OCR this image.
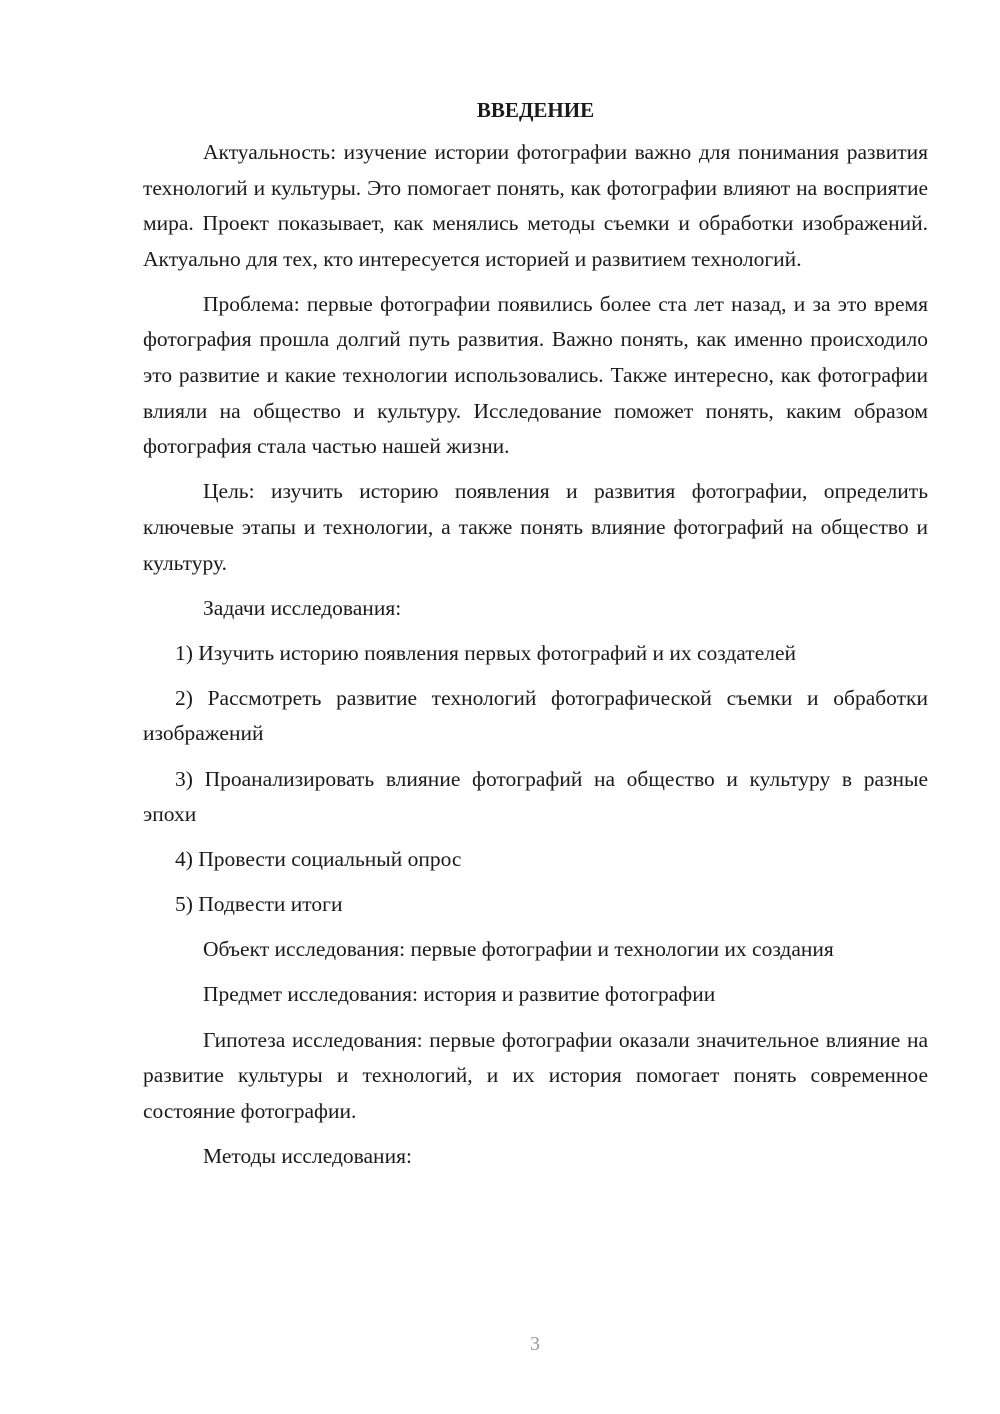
ВВЕДЕНИЕ

Актуальность: изучение истории фотографии важно для понимания развития технологий и культуры. Это помогает понять, как фотографии влияют на восприятие мира. Проект показывает, как менялись методы съемки и обработки изображений. Актуально для тех, кто интересуется историей и развитием технологий.

Проблема: первые фотографии появились более ста лет назад, и за это время фотография прошла долгий путь развития. Важно понять, как именно происходило это развитие и какие технологии использовались. Также интересно, как фотографии влияли на общество и культуру. Исследование поможет понять, каким образом фотография стала частью нашей жизни.

Цель: изучить историю появления и развития фотографии, определить ключевые этапы и технологии, а также понять влияние фотографий на общество и культуру.

Задачи исследования:

1) Изучить историю появления первых фотографий и их создателей

2) Рассмотреть развитие технологий фотографической съемки и обработки изображений

3) Проанализировать влияние фотографий на общество и культуру в разные эпохи

4) Провести социальный опрос

5) Подвести итоги

Объект исследования: первые фотографии и технологии их создания

Предмет исследования: история и развитие фотографии

Гипотеза исследования: первые фотографии оказали значительное влияние на развитие культуры и технологий, и их история помогает понять современное состояние фотографии.

Методы исследования:

3
